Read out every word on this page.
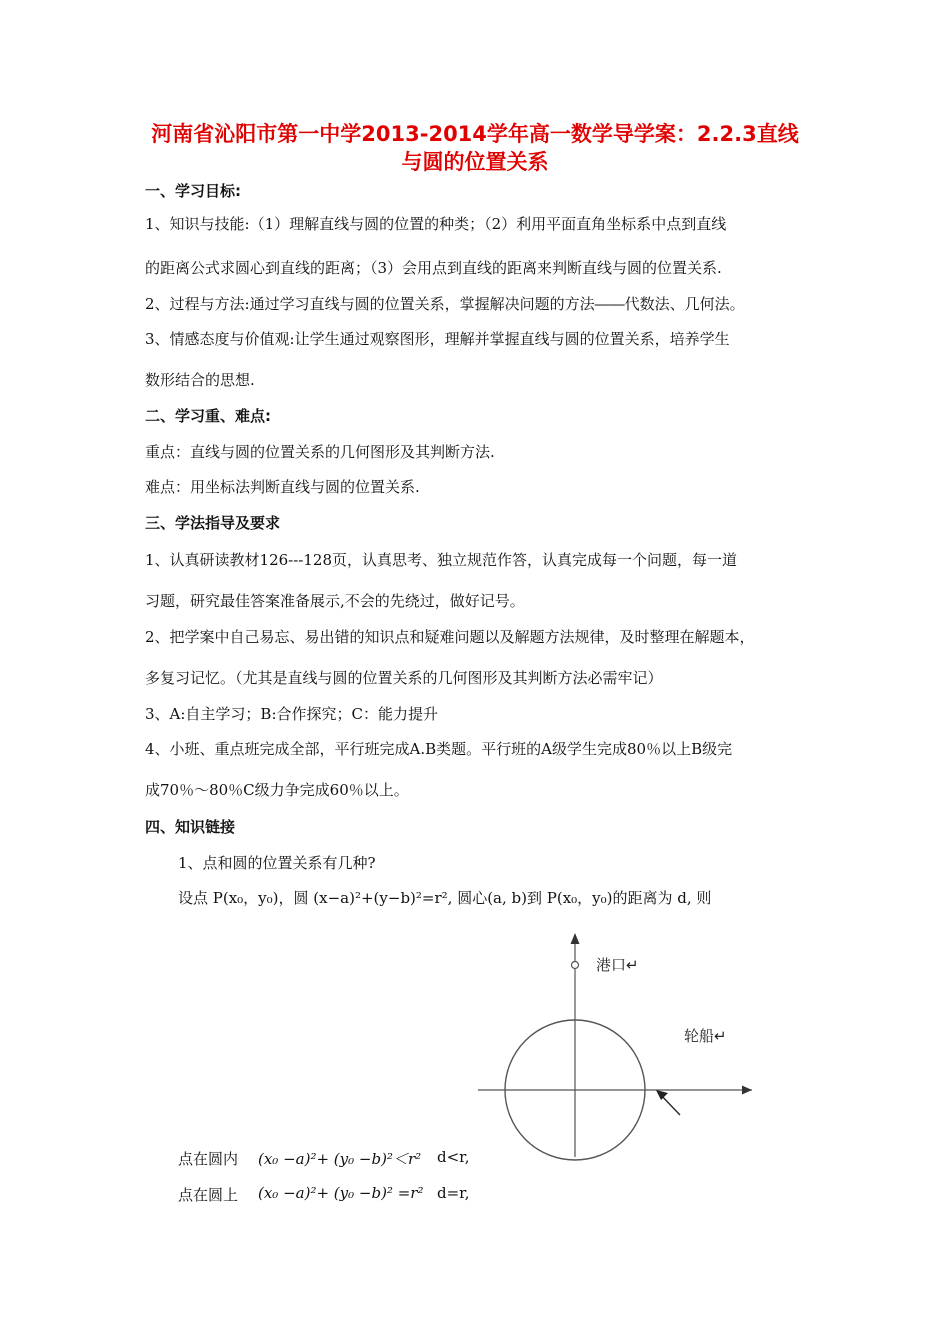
河南省沁阳市第一中学2013-2014学年高一数学导学案：2.2.3直线
与圆的位置关系
一、学习目标:
1、知识与技能:（1）理解直线与圆的位置的种类；（2）利用平面直角坐标系中点到直线
的距离公式求圆心到直线的距离；（3）会用点到直线的距离来判断直线与圆的位置关系.
2、过程与方法:通过学习直线与圆的位置关系，掌握解决问题的方法――代数法、几何法。
3、情感态度与价值观:让学生通过观察图形，理解并掌握直线与圆的位置关系，培养学生
数形结合的思想.
二、学习重、难点:
重点：直线与圆的位置关系的几何图形及其判断方法.
难点：用坐标法判断直线与圆的位置关系.
三、学法指导及要求
1、认真研读教材126---128页，认真思考、独立规范作答，认真完成每一个问题，每一道
习题，研究最佳答案准备展示,不会的先绕过，做好记号。
2、把学案中自己易忘、易出错的知识点和疑难问题以及解题方法规律，及时整理在解题本，
多复习记忆。（尤其是直线与圆的位置关系的几何图形及其判断方法必需牢记）
3、A:自主学习；B:合作探究；C：能力提升
4、小班、重点班完成全部，平行班完成A.B类题。平行班的A级学生完成80％以上B级完
成70％～80％C级力争完成60％以上。
四、知识链接
1、点和圆的位置关系有几种?
设点 P(x₀，y₀)，圆 (x−a)²+(y−b)²=r², 圆心(a, b)到 P(x₀，y₀)的距离为 d, 则
港口↵
轮船↵
点在圆内 (x₀ −a)²+ (y₀ −b)²＜r² d<r,
点在圆上 (x₀ −a)²+ (y₀ −b)² =r² d=r,
